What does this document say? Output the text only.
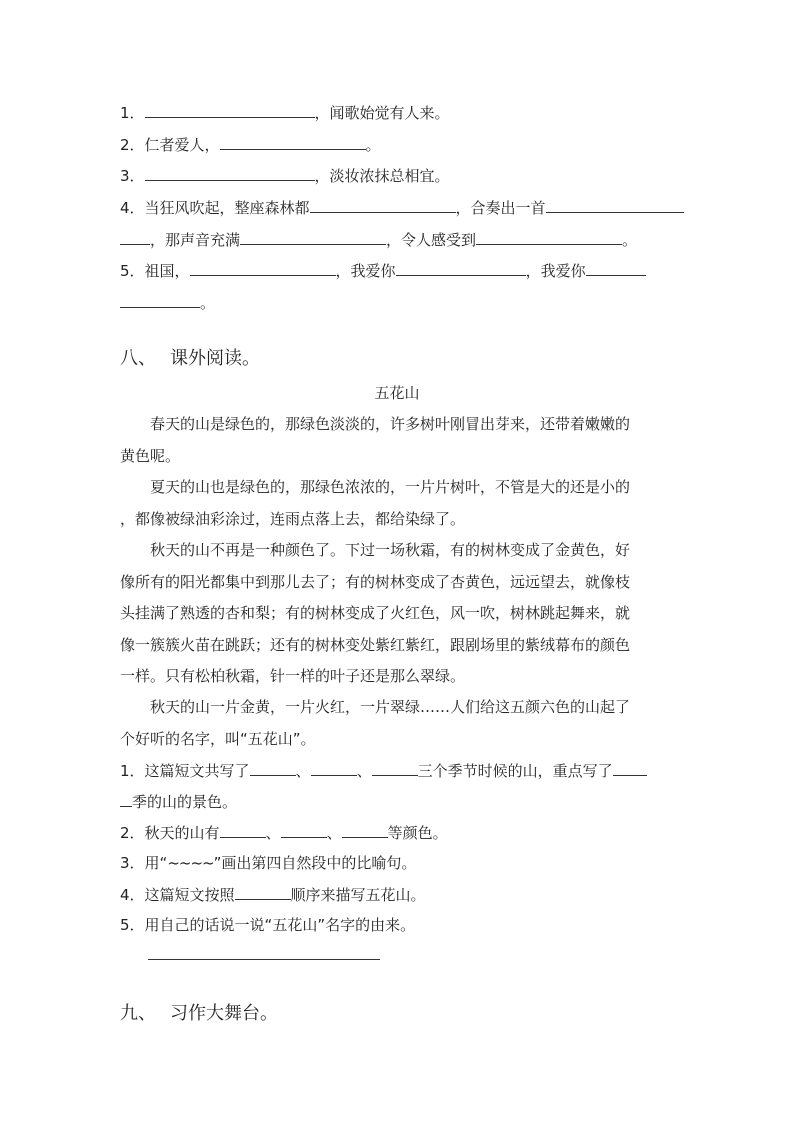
1．	，闻歌始觉有人来。
2．仁者爱人，	。
3．	，淡妆浓抹总相宜。
4．当狂风吹起，整座森林都	，合奏出一首
，那声音充满	，令人感受到	。
5．祖国，	，我爱你	，我爱你
。
八、 课外阅读。
五花山
春天的山是绿色的，那绿色淡淡的，许多树叶刚冒出芽来，还带着嫩嫩的
黄色呢。
夏天的山也是绿色的，那绿色浓浓的，一片片树叶，不管是大的还是小的
，都像被绿油彩涂过，连雨点落上去，都给染绿了。
秋天的山不再是一种颜色了。下过一场秋霜，有的树林变成了金黄色，好
像所有的阳光都集中到那儿去了；有的树林变成了杏黄色，远远望去，就像枝
头挂满了熟透的杏和梨；有的树林变成了火红色，风一吹，树林跳起舞来，就
像一簇簇火苗在跳跃；还有的树林变处紫红紫红，跟剧场里的紫绒幕布的颜色
一样。只有松柏秋霜，针一样的叶子还是那么翠绿。
秋天的山一片金黄，一片火红，一片翠绿……人们给这五颜六色的山起了
个好听的名字，叫“五花山”。
1．这篇短文共写了	、	、	三个季节时候的山，重点写了
季的山的景色。
2．秋天的山有	、	、	等颜色。
3．用“~~~~”画出第四自然段中的比喻句。
4．这篇短文按照	顺序来描写五花山。
5．用自己的话说一说“五花山”名字的由来。
九、 习作大舞台。
